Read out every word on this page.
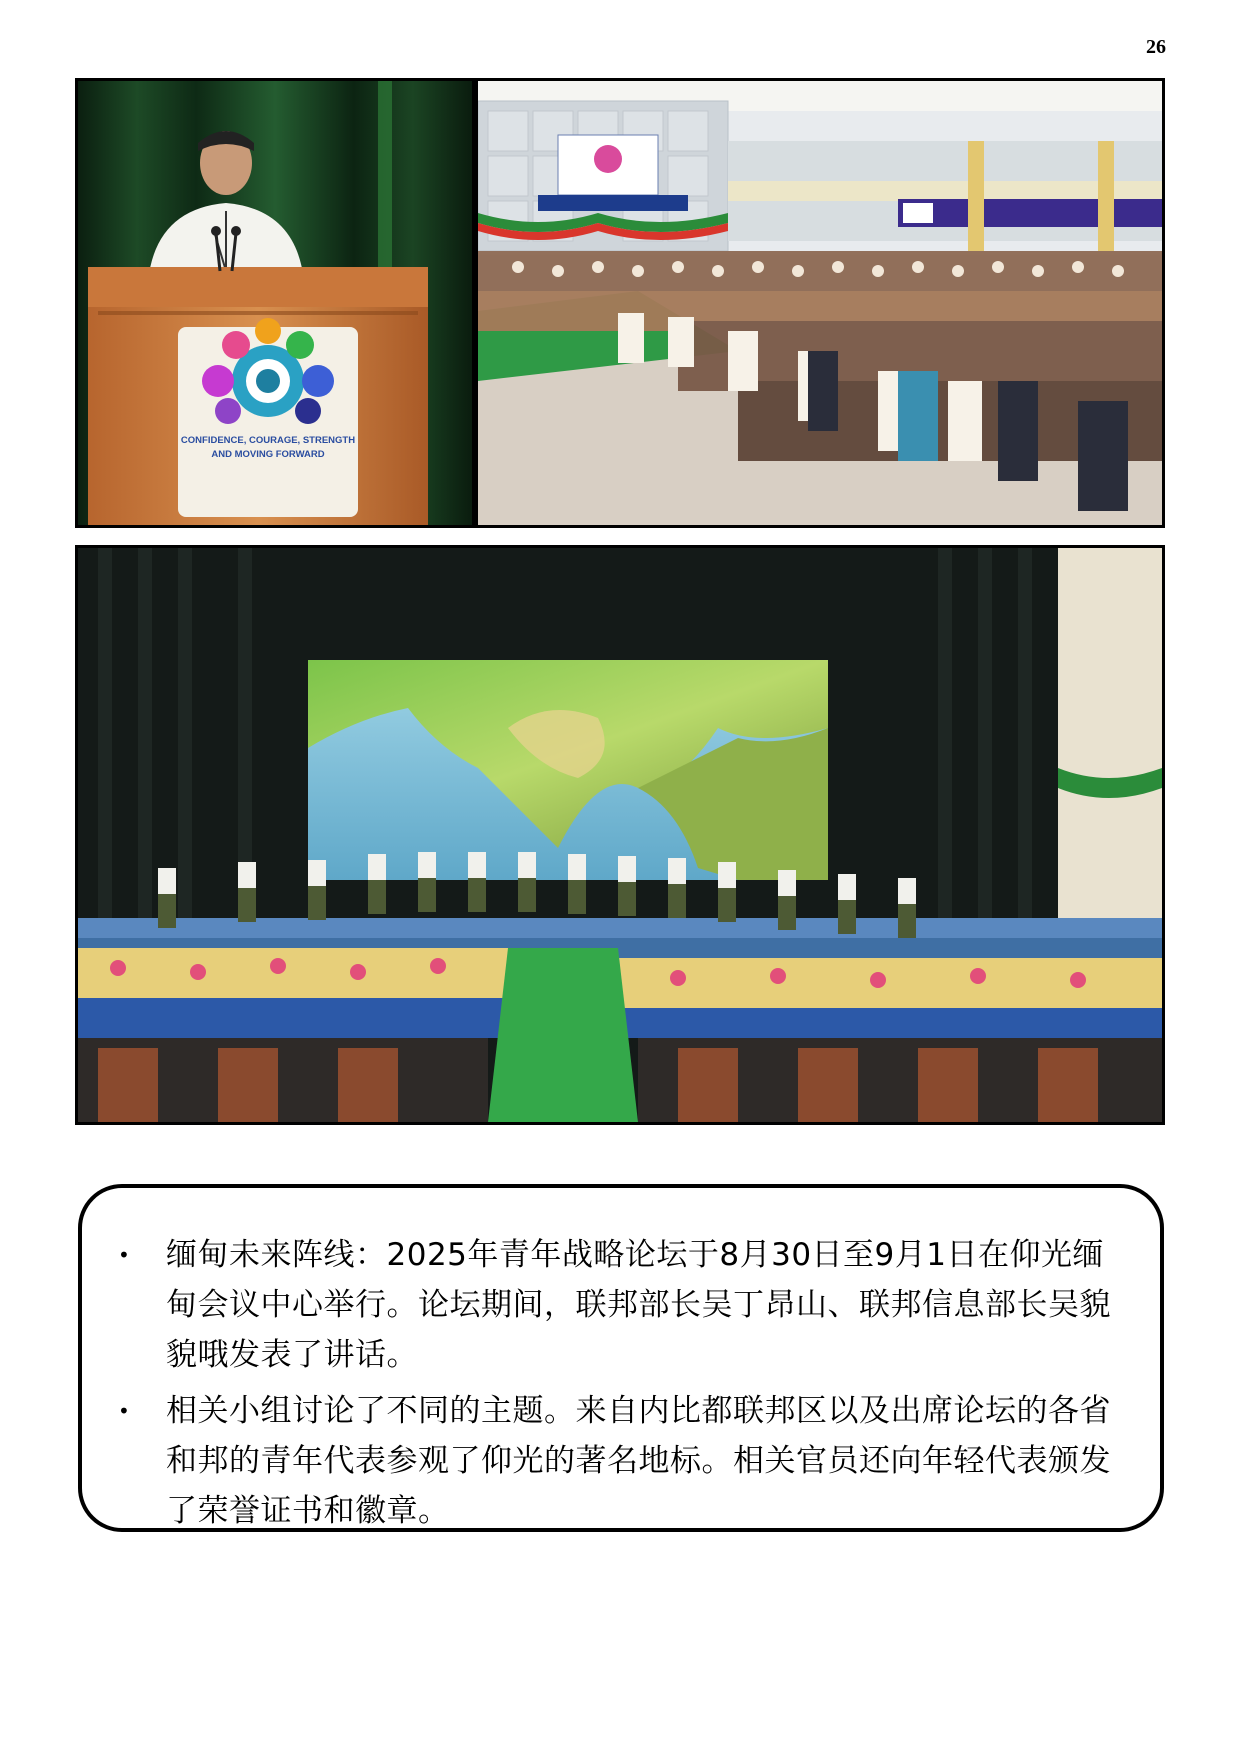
26
CONFIDENCE, COURAGE, STRENGTH
AND MOVING FORWARD
• 缅甸未来阵线：2025年青年战略论坛于8月30日至9月1日在仰光缅甸会议中心举行。论坛期间，联邦部长吴丁昂山、联邦信息部长吴貌貌哦发表了讲话。
• 相关小组讨论了不同的主题。来自内比都联邦区以及出席论坛的各省和邦的青年代表参观了仰光的著名地标。相关官员还向年轻代表颁发了荣誉证书和徽章。
